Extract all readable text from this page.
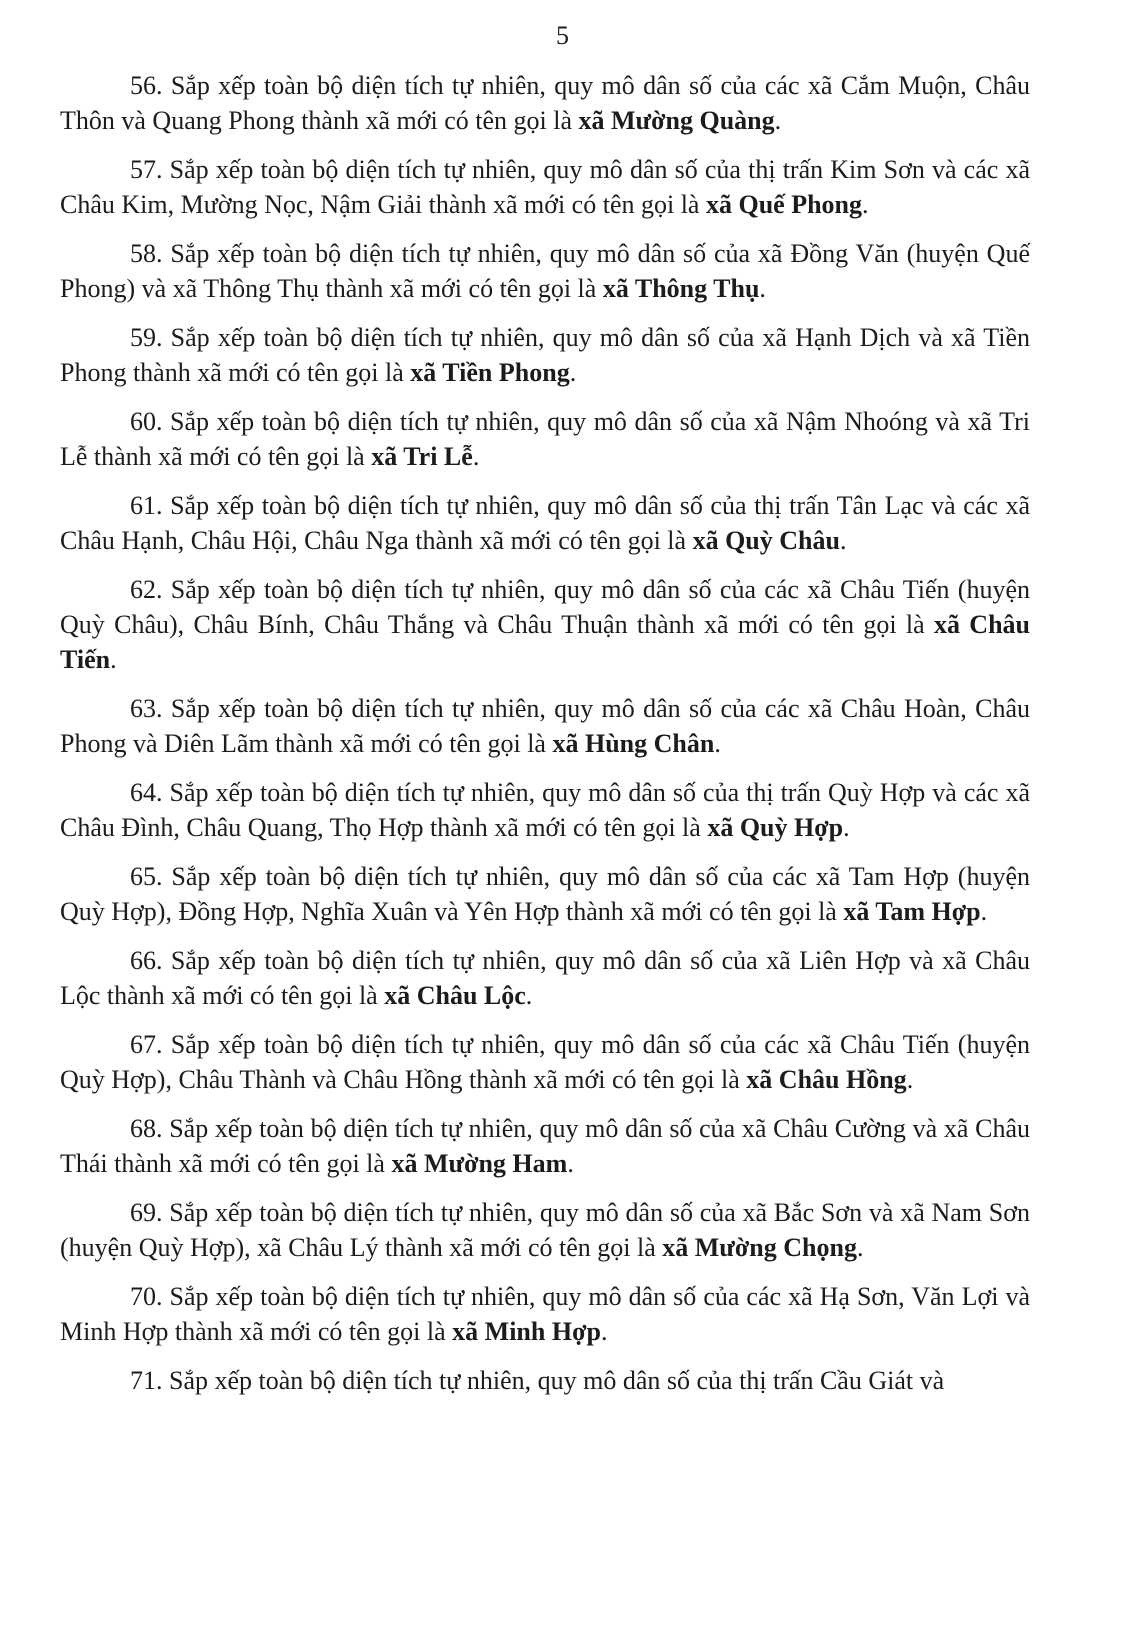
5

56. Sắp xếp toàn bộ diện tích tự nhiên, quy mô dân số của các xã Cắm Muộn, Châu Thôn và Quang Phong thành xã mới có tên gọi là xã Mường Quàng.

57. Sắp xếp toàn bộ diện tích tự nhiên, quy mô dân số của thị trấn Kim Sơn và các xã Châu Kim, Mường Nọc, Nậm Giải thành xã mới có tên gọi là xã Quế Phong.

58. Sắp xếp toàn bộ diện tích tự nhiên, quy mô dân số của xã Đồng Văn (huyện Quế Phong) và xã Thông Thụ thành xã mới có tên gọi là xã Thông Thụ.

59. Sắp xếp toàn bộ diện tích tự nhiên, quy mô dân số của xã Hạnh Dịch và xã Tiền Phong thành xã mới có tên gọi là xã Tiền Phong.

60. Sắp xếp toàn bộ diện tích tự nhiên, quy mô dân số của xã Nậm Nhoóng và xã Tri Lễ thành xã mới có tên gọi là xã Tri Lễ.

61. Sắp xếp toàn bộ diện tích tự nhiên, quy mô dân số của thị trấn Tân Lạc và các xã Châu Hạnh, Châu Hội, Châu Nga thành xã mới có tên gọi là xã Quỳ Châu.

62. Sắp xếp toàn bộ diện tích tự nhiên, quy mô dân số của các xã Châu Tiến (huyện Quỳ Châu), Châu Bính, Châu Thắng và Châu Thuận thành xã mới có tên gọi là xã Châu Tiến.

63. Sắp xếp toàn bộ diện tích tự nhiên, quy mô dân số của các xã Châu Hoàn, Châu Phong và Diên Lãm thành xã mới có tên gọi là xã Hùng Chân.

64. Sắp xếp toàn bộ diện tích tự nhiên, quy mô dân số của thị trấn Quỳ Hợp và các xã Châu Đình, Châu Quang, Thọ Hợp thành xã mới có tên gọi là xã Quỳ Hợp.

65. Sắp xếp toàn bộ diện tích tự nhiên, quy mô dân số của các xã Tam Hợp (huyện Quỳ Hợp), Đồng Hợp, Nghĩa Xuân và Yên Hợp thành xã mới có tên gọi là xã Tam Hợp.

66. Sắp xếp toàn bộ diện tích tự nhiên, quy mô dân số của xã Liên Hợp và xã Châu Lộc thành xã mới có tên gọi là xã Châu Lộc.

67. Sắp xếp toàn bộ diện tích tự nhiên, quy mô dân số của các xã Châu Tiến (huyện Quỳ Hợp), Châu Thành và Châu Hồng thành xã mới có tên gọi là xã Châu Hồng.

68. Sắp xếp toàn bộ diện tích tự nhiên, quy mô dân số của xã Châu Cường và xã Châu Thái thành xã mới có tên gọi là xã Mường Ham.

69. Sắp xếp toàn bộ diện tích tự nhiên, quy mô dân số của xã Bắc Sơn và xã Nam Sơn (huyện Quỳ Hợp), xã Châu Lý thành xã mới có tên gọi là xã Mường Chọng.

70. Sắp xếp toàn bộ diện tích tự nhiên, quy mô dân số của các xã Hạ Sơn, Văn Lợi và Minh Hợp thành xã mới có tên gọi là xã Minh Hợp.

71. Sắp xếp toàn bộ diện tích tự nhiên, quy mô dân số của thị trấn Cầu Giát và
